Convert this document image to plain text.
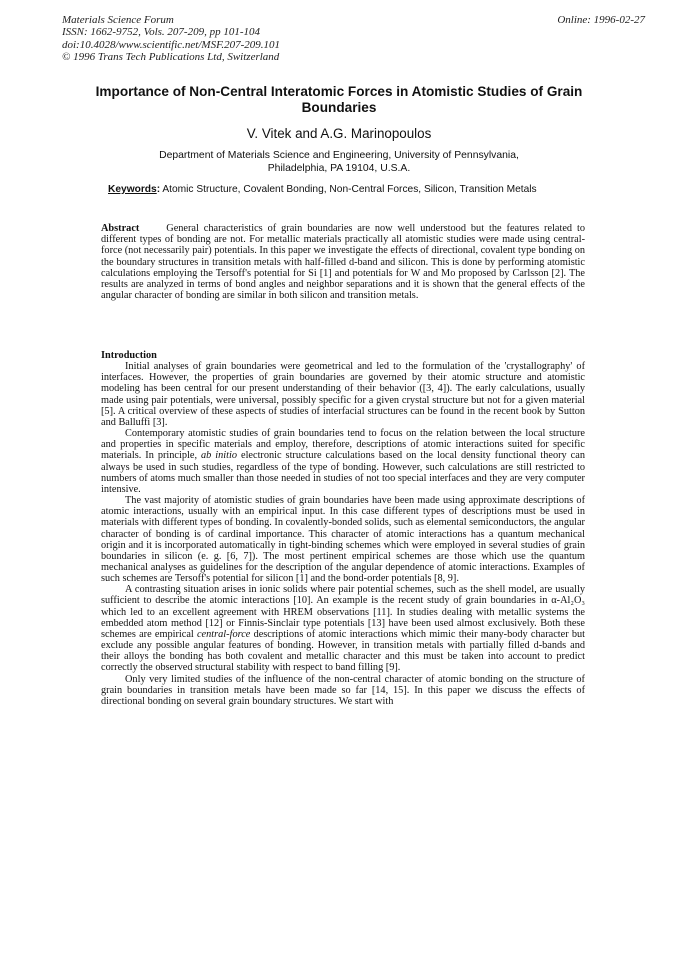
Materials Science Forum
ISSN: 1662-9752, Vols. 207-209, pp 101-104
doi:10.4028/www.scientific.net/MSF.207-209.101
© 1996 Trans Tech Publications Ltd, Switzerland
Online: 1996-02-27
Importance of Non-Central Interatomic Forces in Atomistic Studies of Grain Boundaries
V. Vitek and A.G. Marinopoulos
Department of Materials Science and Engineering, University of Pennsylvania,
Philadelphia, PA 19104, U.S.A.
Keywords: Atomic Structure, Covalent Bonding, Non-Central Forces, Silicon, Transition Metals
Abstract	General characteristics of grain boundaries are now well understood but the features related to different types of bonding are not. For metallic materials practically all atomistic studies were made using central-force (not necessarily pair) potentials. In this paper we investigate the effects of directional, covalent type bonding on the boundary structures in transition metals with half-filled d-band and silicon. This is done by performing atomistic calculations employing the Tersoff's potential for Si [1] and potentials for W and Mo proposed by Carlsson [2]. The results are analyzed in terms of bond angles and neighbor separations and it is shown that the general effects of the angular character of bonding are similar in both silicon and transition metals.
Introduction

Initial analyses of grain boundaries were geometrical and led to the formulation of the 'crystallography' of interfaces. However, the properties of grain boundaries are governed by their atomic structure and atomistic modeling has been central for our present understanding of their behavior ([3, 4]). The early calculations, usually made using pair potentials, were universal, possibly specific for a given crystal structure but not for a given material [5]. A critical overview of these aspects of studies of interfacial structures can be found in the recent book by Sutton and Balluffi [3].

Contemporary atomistic studies of grain boundaries tend to focus on the relation between the local structure and properties in specific materials and employ, therefore, descriptions of atomic interactions suited for specific materials. In principle, ab initio electronic structure calculations based on the local density functional theory can always be used in such studies, regardless of the type of bonding. However, such calculations are still restricted to numbers of atoms much smaller than those needed in studies of not too special interfaces and they are very computer intensive.

The vast majority of atomistic studies of grain boundaries have been made using approximate descriptions of atomic interactions, usually with an empirical input. In this case different types of descriptions must be used in materials with different types of bonding. In covalently-bonded solids, such as elemental semiconductors, the angular character of bonding is of cardinal importance. This character of atomic interactions has a quantum mechanical origin and it is incorporated automatically in tight-binding schemes which were employed in several studies of grain boundaries in silicon (e. g. [6, 7]). The most pertinent empirical schemes are those which use the quantum mechanical analyses as guidelines for the description of the angular dependence of atomic interactions. Examples of such schemes are Tersoff's potential for silicon [1] and the bond-order potentials [8, 9].

A contrasting situation arises in ionic solids where pair potential schemes, such as the shell model, are usually sufficient to describe the atomic interactions [10]. An example is the recent study of grain boundaries in α-Al₂O₃ which led to an excellent agreement with HREM observations [11]. In studies dealing with metallic systems the embedded atom method [12] or Finnis-Sinclair type potentials [13] have been used almost exclusively. Both these schemes are empirical central-force descriptions of atomic interactions which mimic their many-body character but exclude any possible angular features of bonding. However, in transition metals with partially filled d-bands and their alloys the bonding has both covalent and metallic character and this must be taken into account to predict correctly the observed structural stability with respect to band filling [9].

Only very limited studies of the influence of the non-central character of atomic bonding on the structure of grain boundaries in transition metals have been made so far [14, 15]. In this paper we discuss the effects of directional bonding on several grain boundary structures. We start with
